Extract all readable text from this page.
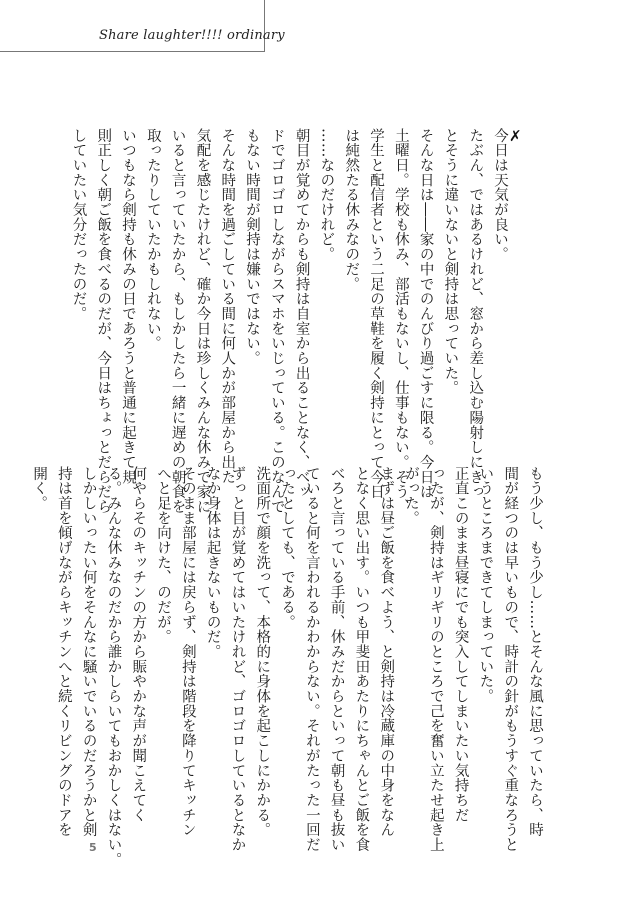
Share laughter!!!! ordinary
✗
今日は天気が良い。
たぶん、ではあるけれど、窓から差し込む陽射しにきっ
とそうに違いないと剣持は思っていた。
そんな日は――家の中でのんびり過ごすに限る。今日は
土曜日。学校も休み、部活もないし、仕事もない。そう、
学生と配信者という二足の草鞋を履く剣持にとって今日
は純然たる休みなのだ。
……なのだけれど。
朝目が覚めてからも剣持は自室から出ることなく、ベッ
ドでゴロゴロしながらスマホをいじっている。このなんで
もない時間が剣持は嫌いではない。
そんな時間を過ごしている間に何人かが部屋から出た
気配を感じたけれど、確か今日は珍しくみんな休みで家に
いると言っていたから、もしかしたら一緒に遅めの朝食を
取ったりしていたかもしれない。
いつもなら剣持も休みの日であろうと普通に起きて規
則正しく朝ご飯を食べるのだが、今日はちょっとだらだら
していたい気分だったのだ。
もう少し、もう少し……とそんな風に思っていたら、時
間が経つのは早いもので、時計の針がもうすぐ重なろうと
いうところまできてしまっていた。
正直このまま昼寝にでも突入してしまいたい気持ちだ
ったが、剣持はギリギリのところで己を奮い立たせ起き上
がった。
まずは昼ご飯を食べよう、と剣持は冷蔵庫の中身をなん
となく思い出す。いつも甲斐田あたりにちゃんとご飯を食
べろと言っている手前、休みだからといって朝も昼も抜い
ていると何を言われるかわからない。それがたった一回だ
ったとしても、である。
洗面所で顔を洗って、本格的に身体を起こしにかかる。
ずっと目が覚めてはいたけれど、ゴロゴロしているとなか
なか身体は起きないものだ。
そのまま部屋には戻らず、剣持は階段を降りてキッチン
へと足を向けた、のだが。
何やらそのキッチンの方から賑やかな声が聞こえてく
る。みんな休みなのだから誰かしらいてもおかしくはない。
しかしいったい何をそんなに騒いでいるのだろうかと剣
持は首を傾げながらキッチンへと続くリビングのドアを
開く。
5
